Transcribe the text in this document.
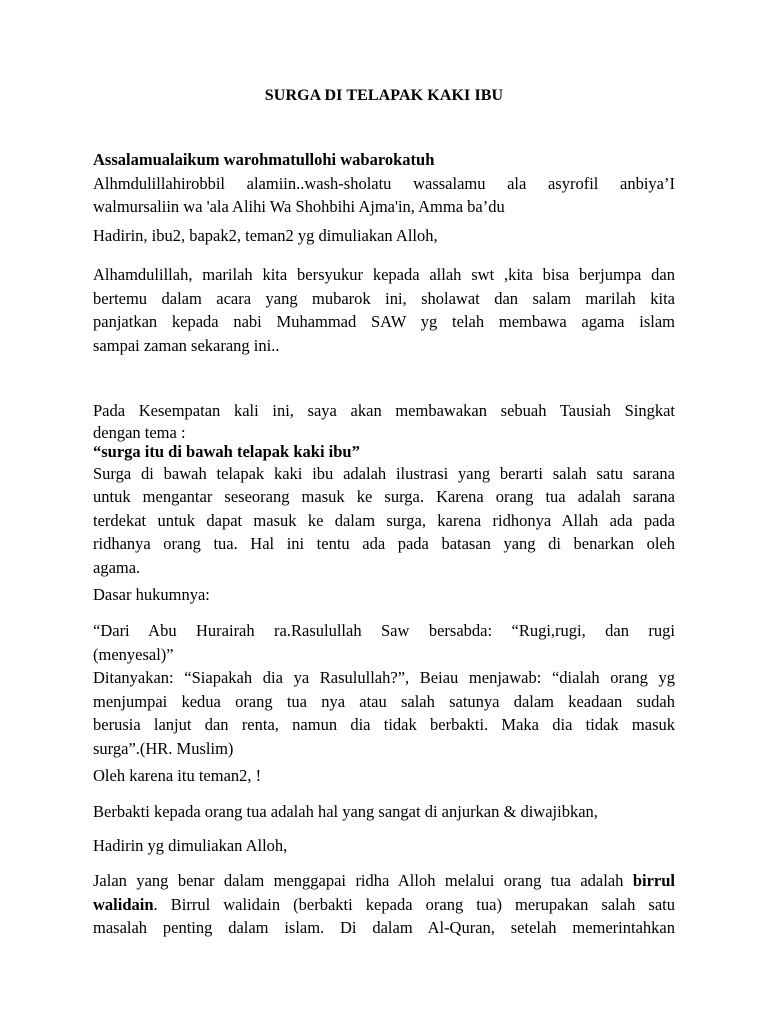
SURGA DI TELAPAK KAKI IBU
Assalamualaikum warohmatullohi wabarokatuh
Alhmdulillahirobbil alamiin..wash-sholatu wassalamu ala asyrofil anbiya’I
walmursaliin wa 'ala Alihi Wa Shohbihi Ajma'in, Amma ba’du
Hadirin, ibu2, bapak2, teman2 yg dimuliakan Alloh,
Alhamdulillah, marilah kita bersyukur kepada allah swt ,kita bisa berjumpa dan
bertemu dalam acara yang mubarok ini, sholawat dan salam marilah kita
panjatkan kepada nabi Muhammad SAW yg telah membawa agama islam
sampai zaman sekarang ini..
Pada Kesempatan kali ini, saya akan membawakan sebuah Tausiah Singkat
dengan tema :
“surga itu di bawah telapak kaki ibu”
Surga di bawah telapak kaki ibu adalah ilustrasi yang berarti salah satu sarana
untuk mengantar seseorang masuk ke surga. Karena orang tua adalah sarana
terdekat untuk dapat masuk ke dalam surga, karena ridhonya Allah ada pada
ridhanya orang tua. Hal ini tentu ada pada batasan yang di benarkan oleh
agama.
Dasar hukumnya:
“Dari Abu Hurairah ra.Rasulullah Saw bersabda: “Rugi,rugi, dan rugi
(menyesal)”
Ditanyakan: “Siapakah dia ya Rasulullah?”, Beiau menjawab: “dialah orang yg
menjumpai kedua orang tua nya atau salah satunya dalam keadaan sudah
berusia lanjut dan renta, namun dia tidak berbakti. Maka dia tidak masuk
surga”.(HR. Muslim)
Oleh karena itu teman2, !
Berbakti kepada orang tua adalah hal yang sangat di anjurkan & diwajibkan,
Hadirin yg dimuliakan Alloh,
Jalan yang benar dalam menggapai ridha Alloh melalui orang tua adalah birrul
walidain. Birrul walidain (berbakti kepada orang tua) merupakan salah satu
masalah penting dalam islam. Di dalam Al-Quran, setelah memerintahkan
